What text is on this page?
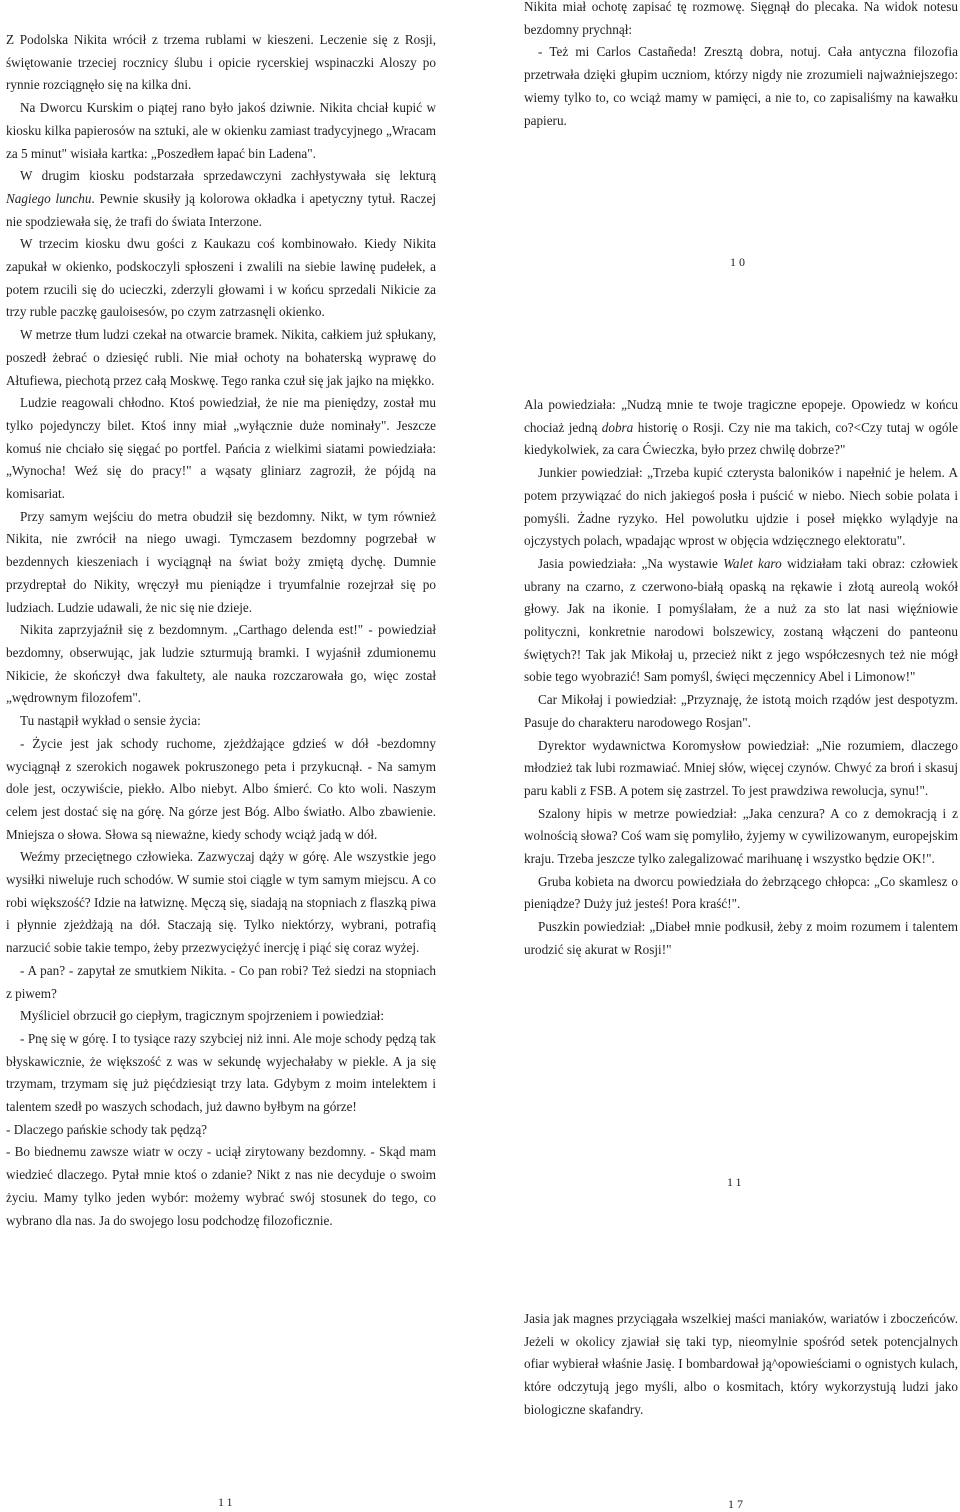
Z Podolska Nikita wrócił z trzema rublami w kieszeni. Leczenie się z Rosji, świętowanie trzeciej rocznicy ślubu i opicie rycerskiej wspinaczki Aloszy po rynnie rozciągnęło się na kilka dni.

Na Dworcu Kurskim o piątej rano było jakoś dziwnie. Nikita chciał kupić w kiosku kilka papierosów na sztuki, ale w okienku zamiast tradycyjnego „Wracam za 5 minut" wisiała kartka: „Poszedłem łapać bin Ladena".

W drugim kiosku podstarzała sprzedawczyni zachłystywała się lekturą Nagiego lunchu. Pewnie skusiły ją kolorowa okładka i apetyczny tytuł. Raczej nie spodziewała się, że trafi do świata Interzone.

W trzecim kiosku dwu gości z Kaukazu coś kombinowało. Kiedy Nikita zapukał w okienko, podskoczyli spłoszeni i zwalili na siebie lawinę pudełek, a potem rzucili się do ucieczki, zderzyli głowami i w końcu sprzedali Nikicie za trzy ruble paczkę gauloisesów, po czym zatrzasnęli okienko.

W metrze tłum ludzi czekał na otwarcie bramek. Nikita, całkiem już spłukany, poszedł żebrać o dziesięć rubli. Nie miał ochoty na bohaterską wyprawę do Ałtufiewa, piechotą przez całą Moskwę. Tego ranka czuł się jak jajko na miękko.

Ludzie reagowali chłodno. Ktoś powiedział, że nie ma pieniędzy, został mu tylko pojedynczy bilet. Ktoś inny miał „wyłącznie duże nominały". Jeszcze komuś nie chciało się sięgać po portfel. Pańcia z wielkimi siatami powiedziała: „Wynocha! Weź się do pracy!" a wąsaty gliniarz zagroził, że pójdą na komisariat.

Przy samym wejściu do metra obudził się bezdomny. Nikt, w tym również Nikita, nie zwrócił na niego uwagi. Tymczasem bezdomny pogrzebał w bezdennych kieszeniach i wyciągnął na świat boży zmiętą dychę. Dumnie przydreptał do Nikity, wręczył mu pieniądze i tryumfalnie rozejrzał się po ludziach. Ludzie udawali, że nic się nie dzieje.

Nikita zaprzyjaźnił się z bezdomnym. „Carthago delenda est!" - powiedział bezdomny, obserwując, jak ludzie szturmują bramki. I wyjaśnił zdumionemu Nikicie, że skończył dwa fakultety, ale nauka rozczarowała go, więc został „wędrownym filozofem".

Tu nastąpił wykład o sensie życia:

- Życie jest jak schody ruchome, zjeżdżające gdzieś w dół -bezdomny wyciągnął z szerokich nogawek pokruszonego peta i przykucnął. - Na samym dole jest, oczywiście, piekło. Albo niebyt. Albo śmierć. Co kto woli. Naszym celem jest dostać się na górę. Na górze jest Bóg. Albo światło. Albo zbawienie. Mniejsza o słowa. Słowa są nieważne, kiedy schody wciąż jadą w dół.

Weźmy przeciętnego człowieka. Zazwyczaj dąży w górę. Ale wszystkie jego wysiłki niweluje ruch schodów. W sumie stoi ciągle w tym samym miejscu. A co robi większość? Idzie na łatwiznę. Męczą się, siadają na stopniach z flaszką piwa i płynnie zjeżdżają na dół. Staczają się. Tylko niektórzy, wybrani, potrafią narzucić sobie takie tempo, żeby przezwyciężyć inercję i piąć się coraz wyżej.

- A pan? - zapytał ze smutkiem Nikita. - Co pan robi? Też siedzi na stopniach z piwem?

Myśliciel obrzucił go ciepłym, tragicznym spojrzeniem i powiedział:

- Pnę się w górę. I to tysiące razy szybciej niż inni. Ale moje schody pędzą tak błyskawicznie, że większość z was w sekundę wyjechałaby w piekle. A ja się trzymam, trzymam się już pięćdziesiąt trzy lata. Gdybym z moim intelektem i talentem szedł po waszych schodach, już dawno byłbym na górze!

- Dlaczego pańskie schody tak pędzą?

- Bo biednemu zawsze wiatr w oczy - uciął zirytowany bezdomny. - Skąd mam wiedzieć dlaczego. Pytał mnie ktoś o zdanie? Nikt z nas nie decyduje o swoim życiu. Mamy tylko jeden wybór: możemy wybrać swój stosunek do tego, co wybrano dla nas. Ja do swojego losu podchodzę filozoficznie.

Nikita miał ochotę zapisać tę rozmowę. Sięgnął do plecaka. Na widok notesu bezdomny prychnął:

- Też mi Carlos Castañeda! Zresztą dobra, notuj. Cała antyczna filozofia przetrwała dzięki głupim uczniom, którzy nigdy nie zrozumieli najważniejszego: wiemy tylko to, co wciąż mamy w pamięci, a nie to, co zapisaliśmy na kawałku papieru.

10

Ala powiedziała: „Nudzą mnie te twoje tragiczne epopeje. Opowiedz w końcu chociaż jedną dobra historię o Rosji. Czy nie ma takich, co?<Czy tutaj w ogóle kiedykolwiek, za cara Ćwieczka, było przez chwilę dobrze?"

Junkier powiedział: „Trzeba kupić czterysta baloników i napełnić je helem. A potem przywiązać do nich jakiegoś posła i puścić w niebo. Niech sobie polata i pomyśli. Żadne ryzyko. Hel powolutku ujdzie i poseł miękko wylądyje na ojczystych polach, wpadając wprost w objęcia wdzięcznego elektoratu".

Jasia powiedziała: „Na wystawie Walet karo widziałam taki obraz: człowiek ubrany na czarno, z czerwono-białą opaską na rękawie i złotą aureolą wokół głowy. Jak na ikonie. I pomyślałam, że a nuż za sto lat nasi więźniowie polityczni, konkretnie narodowi bolszewicy, zostaną włączeni do panteonu świętych?! Tak jak Mikołaj u, przecież nikt z jego współczesnych też nie mógł sobie tego wyobrazić! Sam pomyśl, święci męczennicy Abel i Limonow!"

Car Mikołaj i powiedział: „Przyznaję, że istotą moich rządów jest despotyzm. Pasuje do charakteru narodowego Rosjan".

Dyrektor wydawnictwa Koromysłow powiedział: „Nie rozumiem, dlaczego młodzież tak lubi rozmawiać. Mniej słów, więcej czynów. Chwyć za broń i skasuj paru kabli z FSB. A potem się zastrzel. To jest prawdziwa rewolucja, synu!".

Szalony hipis w metrze powiedział: „Jaka cenzura? A co z demokracją i z wolnością słowa? Coś wam się pomyliło, żyjemy w cywilizowanym, europejskim kraju. Trzeba jeszcze tylko zalegalizować marihuanę i wszystko będzie OK!".

Gruba kobieta na dworcu powiedziała do żebrzącego chłopca: „Co skamlesz o pieniądze? Duży już jesteś! Pora kraść!".

Puszkin powiedział: „Diabeł mnie podkusił, żeby z moim rozumem i talentem urodzić się akurat w Rosji!"

11

Jasia jak magnes przyciągała wszelkiej maści maniaków, wariatów i zboczeńców. Jeżeli w okolicy zjawiał się taki typ, nieomylnie spośród setek potencjalnych ofiar wybierał właśnie Jasię. I bombardował ją^opowieściami o ognistych kulach, które odczytują jego myśli, albo o kosmitach, który wykorzystują ludzi jako biologiczne skafandry.

11	17
